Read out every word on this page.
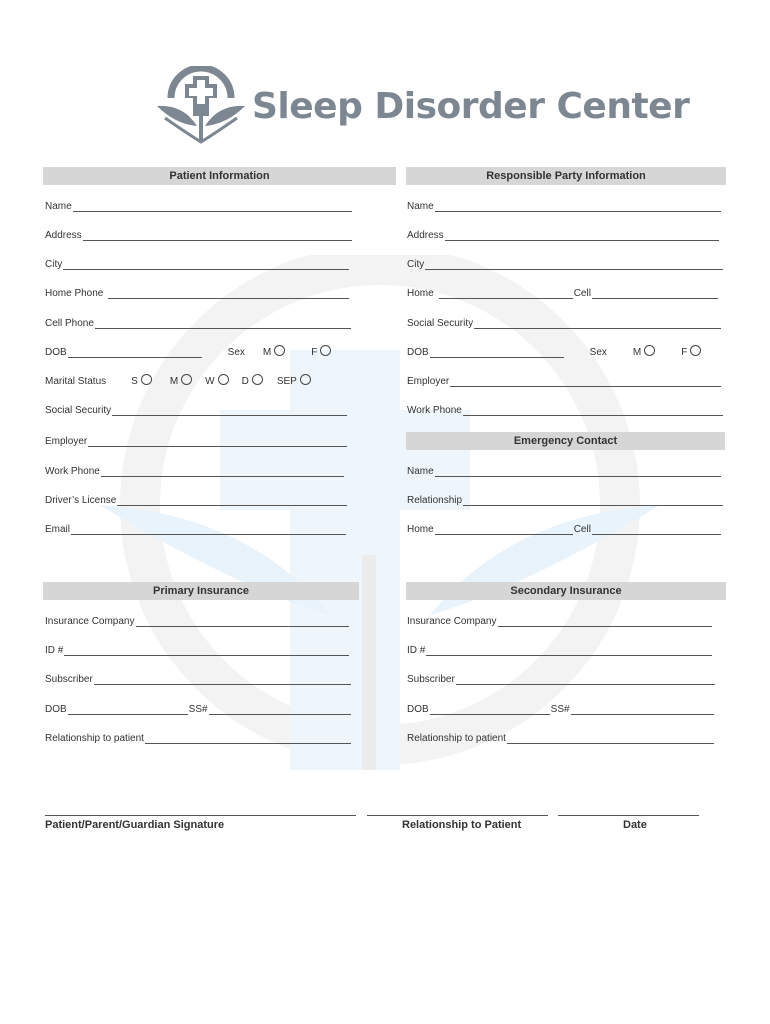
Sleep Disorder Center
Patient Information	Responsible Party Information
Name
Address
City
Home Phone
Cell Phone
DOB	Sex M	F
Marital Status	S	M	W	D	SEP
Social Security
Employer
Work Phone
Driver’s License
Email
Name
Address
City
Home	Cell
Social Security
DOB	Sex	M	F
Employer
Work Phone
Emergency Contact
Name
Relationship
Home	Cell
Primary Insurance	Secondary Insurance
Insurance Company
ID #
Subscriber
DOB	SS#
Relationship to patient
Insurance Company
ID #
Subscriber
DOB	SS#
Relationship to patient
Patient/Parent/Guardian Signature	Relationship to Patient	Date
